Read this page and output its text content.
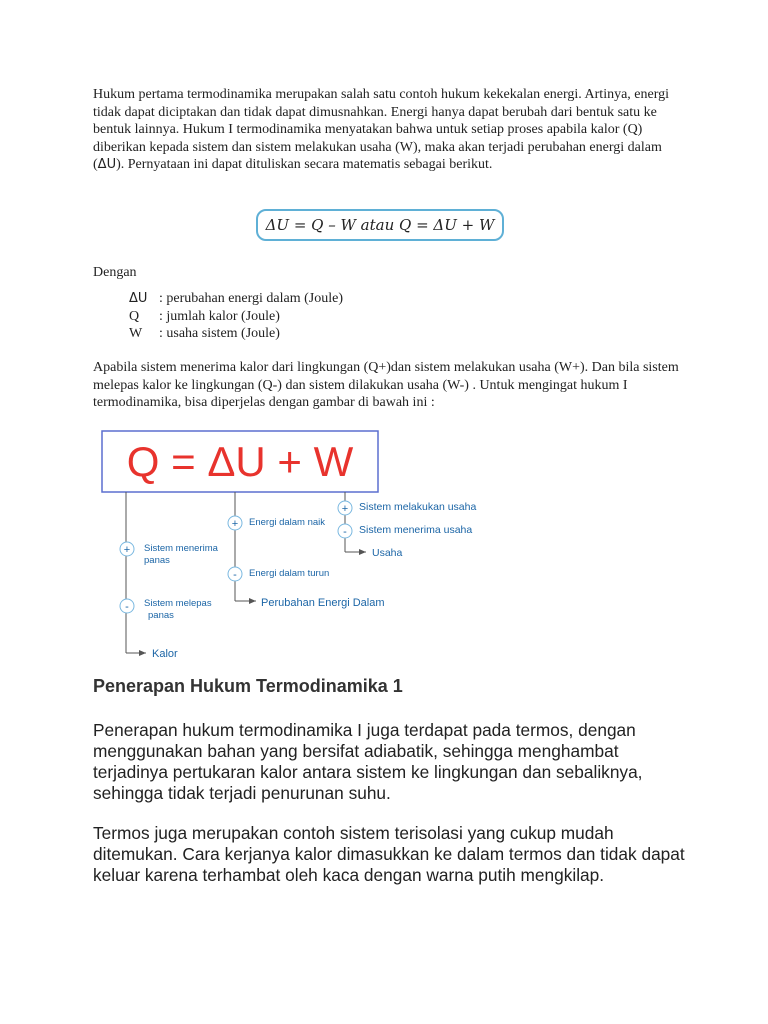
Hukum pertama termodinamika merupakan salah satu contoh hukum kekekalan energi. Artinya, energi tidak dapat diciptakan dan tidak dapat dimusnahkan. Energi hanya dapat berubah dari bentuk satu ke bentuk lainnya. Hukum I termodinamika menyatakan bahwa untuk setiap proses apabila kalor (Q) diberikan kepada sistem dan sistem melakukan usaha (W), maka akan terjadi perubahan energi dalam (ΔU). Pernyataan ini dapat dituliskan secara matematis sebagai berikut.

ΔU = Q – W atau Q = ΔU + W

Dengan

ΔU : perubahan energi dalam (Joule)
Q	: jumlah kalor (Joule)
W	: usaha sistem (Joule)

Apabila sistem menerima kalor dari lingkungan (Q+)dan sistem melakukan usaha (W+). Dan bila sistem melepas kalor ke lingkungan (Q-) dan sistem dilakukan usaha (W-) . Untuk mengingat hukum I termodinamika, bisa diperjelas dengan gambar di bawah ini :

Q = ΔU + W
+
-
Sistem menerima
panas
Sistem melepas
panas
Kalor
+
-
Energi dalam naik
Energi dalam turun
Perubahan Energi Dalam
+
-
Sistem melakukan usaha
Sistem menerima usaha
Usaha
Penerapan Hukum Termodinamika 1

Penerapan hukum termodinamika I juga terdapat pada termos, dengan menggunakan bahan yang bersifat adiabatik, sehingga menghambat terjadinya pertukaran kalor antara sistem ke lingkungan dan sebaliknya, sehingga tidak terjadi penurunan suhu.

Termos juga merupakan contoh sistem terisolasi yang cukup mudah ditemukan. Cara kerjanya kalor dimasukkan ke dalam termos dan tidak dapat keluar karena terhambat oleh kaca dengan warna putih mengkilap.
